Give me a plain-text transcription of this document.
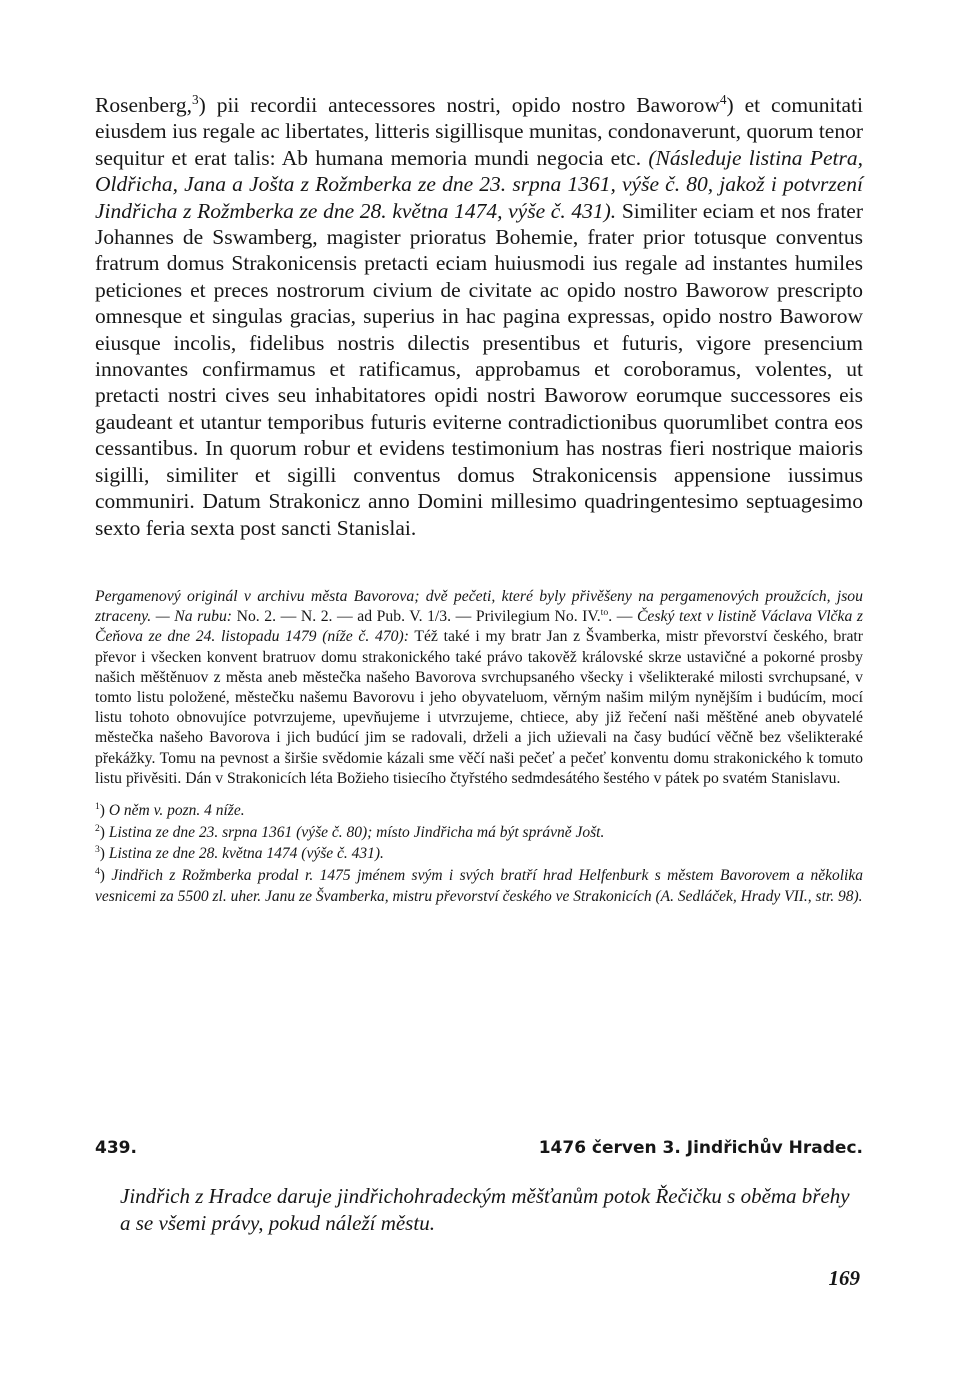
Rosenberg,$^3$) pii recordii antecessores nostri, opido nostro Baworow$^4$) et comunitati eiusdem ius regale ac libertates, litteris sigillisque munitas, condonaverunt, quorum tenor sequitur et erat talis: Ab humana memoria mundi negocia etc. (Následuje listina Petra, Oldřicha, Jana a Jošta z Rožmberka ze dne 23. srpna 1361, výše č. 80, jakož i potvrzení Jindřicha z Rožmberka ze dne 28. května 1474, výše č. 431). Similiter eciam et nos frater Johannes de Sswamberg, magister prioratus Bohemie, frater prior totusque conventus fratrum domus Strakonicensis pretacti eciam huiusmodi ius regale ad instantes humiles peticiones et preces nostrorum civium de civitate ac opido nostro Baworow prescripto omnesque et singulas gracias, superius in hac pagina expressas, opido nostro Baworow eiusque incolis, fidelibus nostris dilectis presentibus et futuris, vigore presencium innovantes confirmamus et ratificamus, approbamus et coroboramus, volentes, ut pretacti nostri cives seu inhabitatores opidi nostri Baworow eorumque successores eis gaudeant et utantur temporibus futuris eviterne contradictionibus quorumlibet contra eos cessantibus. In quorum robur et evidens testimonium has nostras fieri nostrique maioris sigilli, similiter et sigilli conventus domus Strakonicensis appensione iussimus communiri. Datum Strakonicz anno Domini millesimo quadringentesimo septuagesimo sexto feria sexta post sancti Stanislai.

Pergamenový originál v archivu města Bavorova; dvě pečeti, které byly přivěšeny na pergamenových proužcích, jsou ztraceny. — Na rubu: No. 2. — N. 2. — ad Pub. V. 1/3. — Privilegium No. IV.$^{to}$. — Český text v listině Václava Vlčka z Čeňova ze dne 24. listopadu 1479 (níže č. 470): Též také i my bratr Jan z Švamberka, mistr převorství českého, bratr převor i všecken konvent bratruov domu strakonického také právo takověž královské skrze ustavičné a pokorné prosby našich měštěnuov z města aneb městečka našeho Bavorova svrchupsaného všecky i všelikteraké milosti svrchupsané, v tomto listu položené, městečku našemu Bavorovu i jeho obyvateluom, věrným našim milým nynějším i budúcím, mocí listu tohoto obnovujíce potvrzujeme, upevňujeme i utvrzujeme, chtiece, aby již řečení naši měštěné aneb obyvatelé městečka našeho Bavorova i jich budúcí jim se radovali, drželi a jich užievali na časy budúcí věčně bez všelikteraké překážky. Tomu na pevnost a širšie svědomie kázali sme věčí naši pečeť a pečeť konventu domu strakonického k tomuto listu přivěsiti. Dán v Strakonicích léta Božieho tisiecího čtyřstého sedmdesátého šestého v pátek po svatém Stanislavu.

$^1$) O něm v. pozn. 4 níže.

$^2$) Listina ze dne 23. srpna 1361 (výše č. 80); místo Jindřicha má být správně Jošt.

$^3$) Listina ze dne 28. května 1474 (výše č. 431).

$^4$) Jindřich z Rožmberka prodal r. 1475 jménem svým i svých bratří hrad Helfenburk s městem Bavorovem a několika vesnicemi za 5500 zl. uher. Janu ze Švamberka, mistru převorství českého ve Strakonicích (A. Sedláček, Hrady VII., str. 98).

439.	1476 červen 3. Jindřichův Hradec.

Jindřich z Hradce daruje jindřichohradeckým měšťanům potok Řečičku s oběma břehy a se všemi právy, pokud náleží městu.

169
